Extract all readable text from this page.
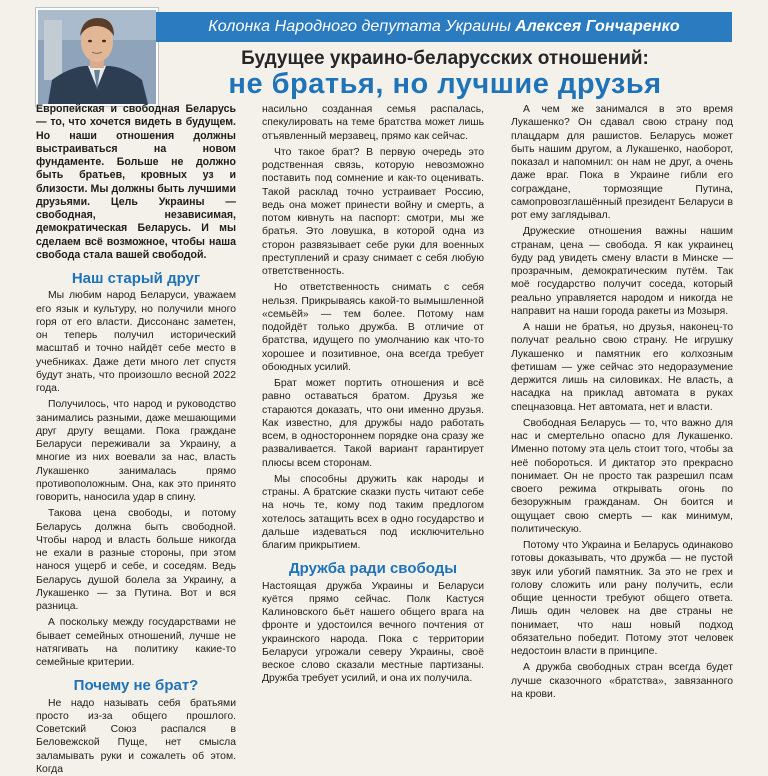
Колонка Народного депутата Украины Алексея Гончаренко
Будущее украино-беларусских отношений:
не братья, но лучшие друзья

Европейская и свободная Беларусь — то, что хочется видеть в будущем. Но наши отношения должны выстраиваться на новом фундаменте. Больше не должно быть братьев, кровных уз и близости. Мы должны быть лучшими друзьями. Цель Украины — свободная, независимая, демократическая Беларусь. И мы сделаем всё возможное, чтобы наша свобода стала вашей свободой.

Наш старый друг

Мы любим народ Беларуси, уважаем его язык и культуру, но получили много горя от его власти. Диссонанс заметен, он теперь получил исторический масштаб и точно найдёт себе место в учебниках. Даже дети много лет спустя будут знать, что произошло весной 2022 года.

Получилось, что народ и руководство занимались разными, даже мешающими друг другу вещами. Пока граждане Беларуси переживали за Украину, а многие из них воевали за нас, власть Лукашенко занималась прямо противоположным. Она, как это принято говорить, наносила удар в спину.

Такова цена свободы, и потому Беларусь должна быть свободной. Чтобы народ и власть больше никогда не ехали в разные стороны, при этом нанося ущерб и себе, и соседям. Ведь Беларусь душой болела за Украину, а Лукашенко — за Путина. Вот и вся разница.

А поскольку между государствами не бывает семейных отношений, лучше не натягивать на политику какие-то семейные критерии.

Почему не брат?

Не надо называть себя братьями просто из-за общего прошлого. Советский Союз распался в Беловежской Пуще, нет смысла заламывать руки и сожалеть об этом. Когда

насильно созданная семья распалась, спекулировать на теме братства может лишь отъявленный мерзавец, прямо как сейчас.

Что такое брат? В первую очередь это родственная связь, которую невозможно поставить под сомнение и как-то оценивать. Такой расклад точно устраивает Россию, ведь она может принести войну и смерть, а потом кивнуть на паспорт: смотри, мы же братья. Это ловушка, в которой одна из сторон развязывает себе руки для военных преступлений и сразу снимает с себя любую ответственность.

Но ответственность снимать с себя нельзя. Прикрываясь какой-то вымышленной «семьёй» — тем более. Потому нам подойдёт только дружба. В отличие от братства, идущего по умолчанию как что-то хорошее и позитивное, она всегда требует обоюдных усилий.

Брат может портить отношения и всё равно оставаться братом. Друзья же стараются доказать, что они именно друзья. Как известно, для дружбы надо работать всем, в одностороннем порядке она сразу же разваливается. Такой вариант гарантирует плюсы всем сторонам.

Мы способны дружить как народы и страны. А братские сказки пусть читают себе на ночь те, кому под таким предлогом хотелось затащить всех в одно государство и дальше издеваться под исключительно благим прикрытием.

Дружба ради свободы

Настоящая дружба Украины и Беларуси куётся прямо сейчас. Полк Кастуся Калиновского бьёт нашего общего врага на фронте и удостоился вечного почтения от украинского народа. Пока с территории Беларуси угрожали северу Украины, своё веское слово сказали местные партизаны. Дружба требует усилий, и она их получила.

А чем же занимался в это время Лукашенко? Он сдавал свою страну под плацдарм для рашистов. Беларусь может быть нашим другом, а Лукашенко, наоборот, показал и напомнил: он нам не друг, а очень даже враг. Пока в Украине гибли его сограждане, тормозящие Путина, самопровозглашённый президент Беларуси в рот ему заглядывал.

Дружеские отношения важны нашим странам, цена — свобода. Я как украинец буду рад увидеть смену власти в Минске — прозрачным, демократическим путём. Так моё государство получит соседа, который реально управляется народом и никогда не направит на наши города ракеты из Мозыря.

А наши не братья, но друзья, наконец-то получат реально свою страну. Не игрушку Лукашенко и памятник его колхозным фетишам — уже сейчас это недоразумение держится лишь на силовиках. Не власть, а насадка на приклад автомата в руках спецназовца. Нет автомата, нет и власти.

Свободная Беларусь — то, что важно для нас и смертельно опасно для Лукашенко. Именно потому эта цель стоит того, чтобы за неё побороться. И диктатор это прекрасно понимает. Он не просто так разрешил псам своего режима открывать огонь по безоружным гражданам. Он боится и ощущает свою смерть — как минимум, политическую.

Потому что Украина и Беларусь одинаково готовы доказывать, что дружба — не пустой звук или убогий памятник. За это не грех и голову сложить или рану получить, если общие ценности требуют общего ответа. Лишь один человек на две страны не понимает, что наш новый подход обязательно победит. Потому этот человек недостоин власти в принципе.

А дружба свободных стран всегда будет лучше сказочного «братства», завязанного на крови.
